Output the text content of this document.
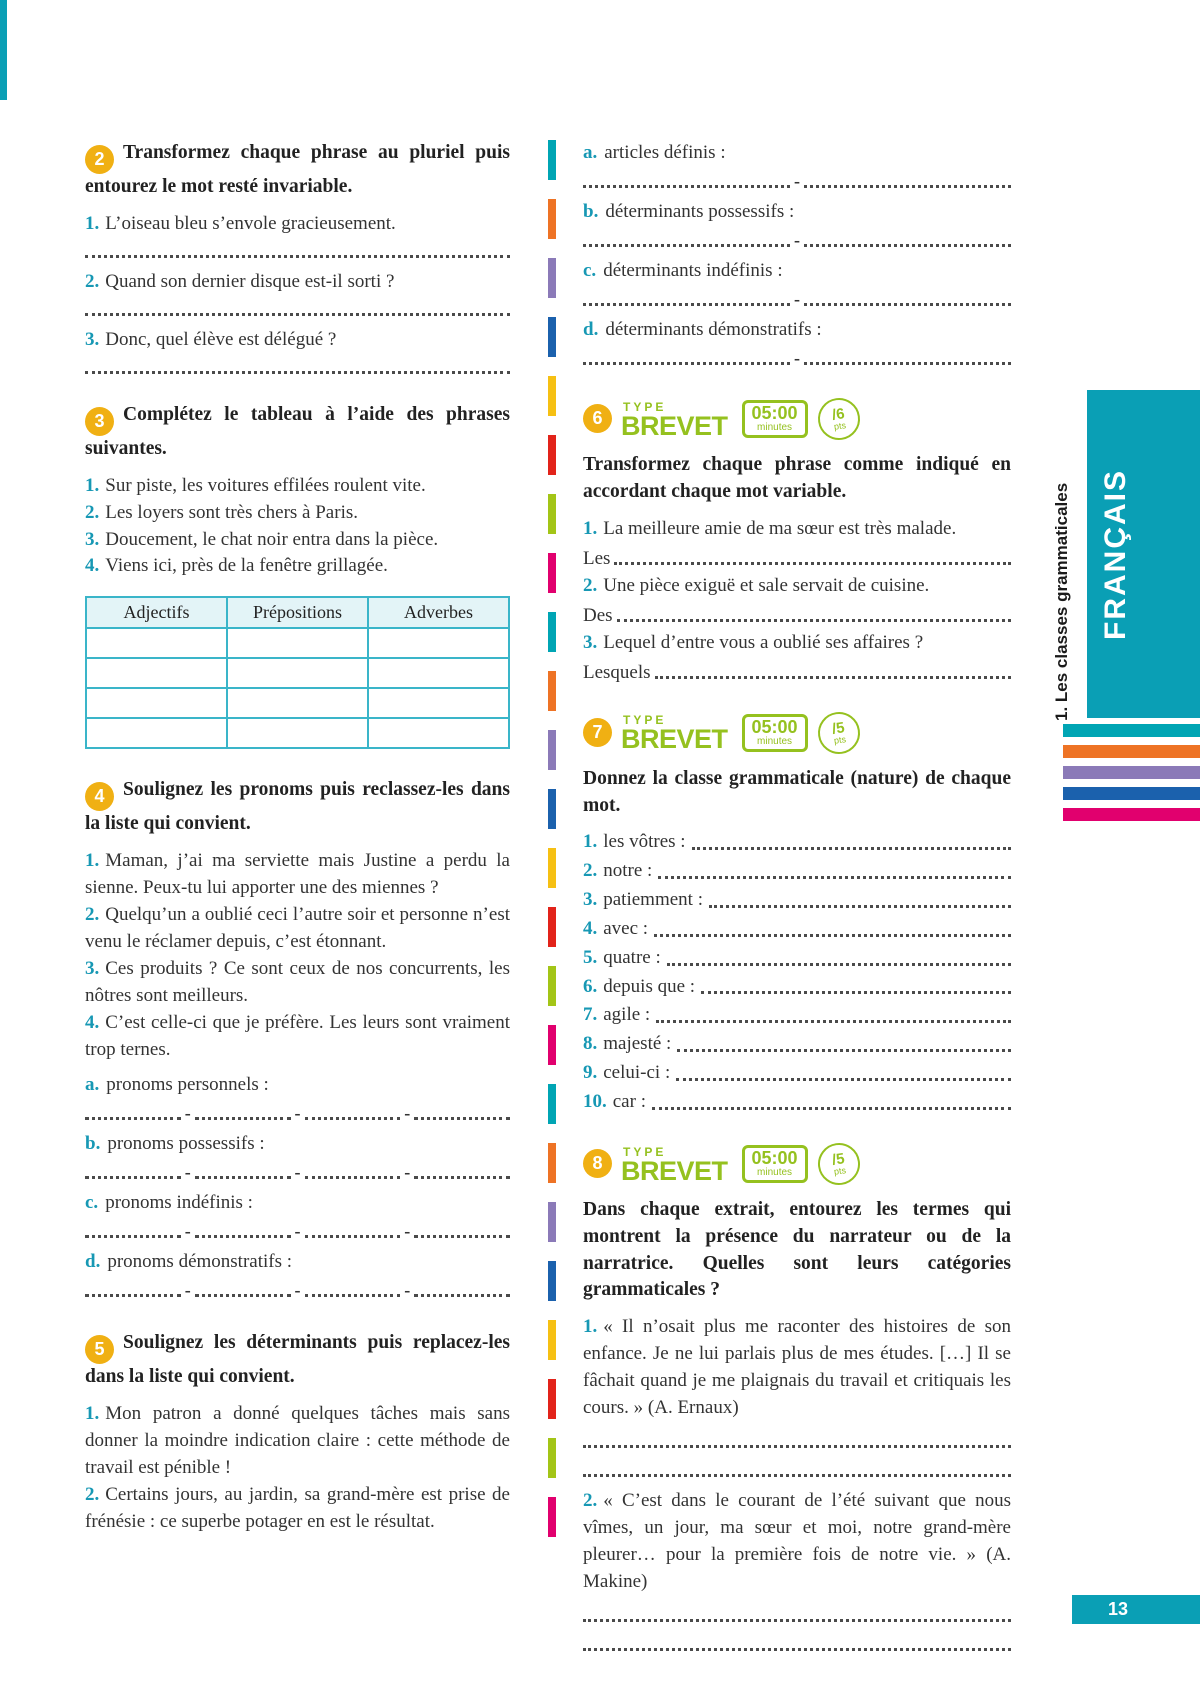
2 Transformez chaque phrase au pluriel puis entourez le mot resté invariable.

1. L’oiseau bleu s’envole gracieusement.

2. Quand son dernier disque est-il sorti ?

3. Donc, quel élève est délégué ?

3 Complétez le tableau à l’aide des phrases suivantes.

1. Sur piste, les voitures effilées roulent vite.

2. Les loyers sont très chers à Paris.

3. Doucement, le chat noir entra dans la pièce.

4. Viens ici, près de la fenêtre grillagée.

Adjectifs	Prépositions	Adverbes

4 Soulignez les pronoms puis reclassez-les dans la liste qui convient.

1. Maman, j’ai ma serviette mais Justine a perdu la sienne. Peux-tu lui apporter une des miennes ?

2. Quelqu’un a oublié ceci l’autre soir et personne n’est venu le réclamer depuis, c’est étonnant.

3. Ces produits ? Ce sont ceux de nos concurrents, les nôtres sont meilleurs.

4. C’est celle-ci que je préfère. Les leurs sont vraiment trop ternes.

a. pronoms personnels :

-	-	-

b. pronoms possessifs :

-	-	-

c. pronoms indéfinis :

-	-	-

d. pronoms démonstratifs :

-	-	-

5 Soulignez les déterminants puis replacez-les dans la liste qui convient.

1. Mon patron a donné quelques tâches mais sans donner la moindre indication claire : cette méthode de travail est pénible !

2. Certains jours, au jardin, sa grand-mère est prise de frénésie : ce superbe potager en est le résultat.

a. articles définis :

-

b. déterminants possessifs :

-

c. déterminants indéfinis :

-

d. déterminants démonstratifs :

-
6
TYPE
BREVET 05:00
minutes
/6
pts

Transformez chaque phrase comme indiqué en accordant chaque mot variable.

1. La meilleure amie de ma sœur est très malade.

Les

2. Une pièce exiguë et sale servait de cuisine.

Des

3. Lequel d’entre vous a oublié ses affaires ?

Lesquels
7
TYPE
BREVET 05:00
minutes
/5
pts

Donnez la classe grammaticale (nature) de chaque mot.

1. les vôtres :
2. notre :
3. patiemment :
4. avec :
5. quatre :
6. depuis que :
7. agile :
8. majesté :
9. celui-ci :
10. car :
8
TYPE
BREVET 05:00
minutes
/5
pts

Dans chaque extrait, entourez les termes qui montrent la présence du narrateur ou de la narratrice. Quelles sont leurs catégories grammaticales ?

1. « Il n’osait plus me raconter des histoires de son enfance. Je ne lui parlais plus de mes études. […] Il se fâchait quand je me plaignais du travail et critiquais les cours. » (A. Ernaux)

2. « C’est dans le courant de l’été suivant que nous vîmes, un jour, ma sœur et moi, notre grand-mère pleurer… pour la première fois de notre vie. » (A. Makine)

1. Les classes grammaticales FRANÇAIS
13
